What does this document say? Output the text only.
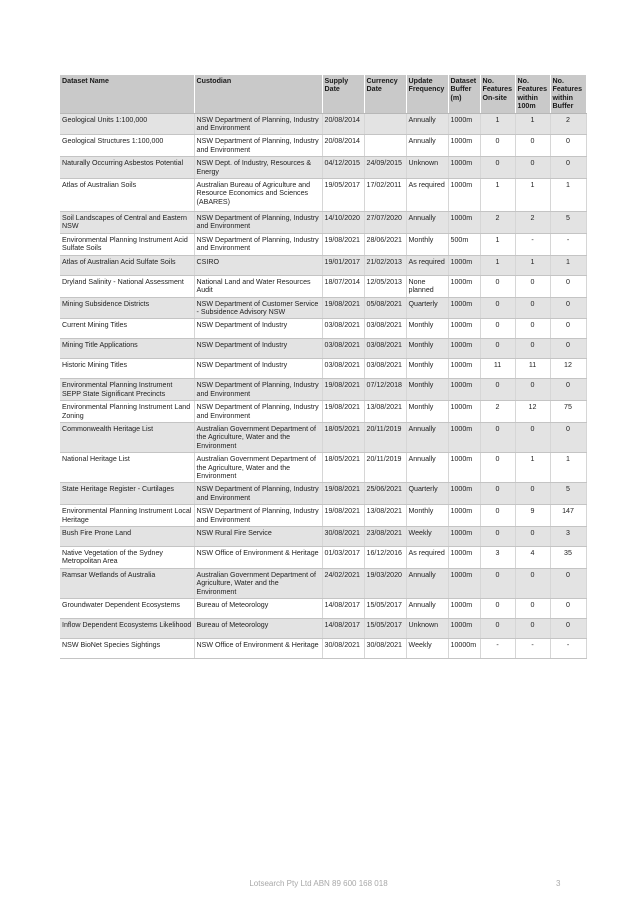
Dataset Name	Custodian	Supply Date	Currency Date	Update Frequency	Dataset Buffer (m)	No. Features On-site	No. Features within 100m	No. Features within Buffer
Geological Units 1:100,000	NSW Department of Planning, Industry and Environment	20/08/2014		Annually	1000m	1	1	2
Geological Structures 1:100,000	NSW Department of Planning, Industry and Environment	20/08/2014		Annually	1000m	0	0	0
Naturally Occurring Asbestos Potential	NSW Dept. of Industry, Resources & Energy	04/12/2015	24/09/2015	Unknown	1000m	0	0	0
Atlas of Australian Soils	Australian Bureau of Agriculture and Resource Economics and Sciences (ABARES)	19/05/2017	17/02/2011	As required	1000m	1	1	1
Soil Landscapes of Central and Eastern NSW	NSW Department of Planning, Industry and Environment	14/10/2020	27/07/2020	Annually	1000m	2	2	5
Environmental Planning Instrument Acid Sulfate Soils	NSW Department of Planning, Industry and Environment	19/08/2021	28/06/2021	Monthly	500m	1	-	-
Atlas of Australian Acid Sulfate Soils	CSIRO	19/01/2017	21/02/2013	As required	1000m	1	1	1
Dryland Salinity - National Assessment	National Land and Water Resources Audit	18/07/2014	12/05/2013	None planned	1000m	0	0	0
Mining Subsidence Districts	NSW Department of Customer Service - Subsidence Advisory NSW	19/08/2021	05/08/2021	Quarterly	1000m	0	0	0
Current Mining Titles	NSW Department of Industry	03/08/2021	03/08/2021	Monthly	1000m	0	0	0
Mining Title Applications	NSW Department of Industry	03/08/2021	03/08/2021	Monthly	1000m	0	0	0
Historic Mining Titles	NSW Department of Industry	03/08/2021	03/08/2021	Monthly	1000m	11	11	12
Environmental Planning Instrument SEPP State Significant Precincts	NSW Department of Planning, Industry and Environment	19/08/2021	07/12/2018	Monthly	1000m	0	0	0
Environmental Planning Instrument Land Zoning	NSW Department of Planning, Industry and Environment	19/08/2021	13/08/2021	Monthly	1000m	2	12	75
Commonwealth Heritage List	Australian Government Department of the Agriculture, Water and the Environment	18/05/2021	20/11/2019	Annually	1000m	0	0	0
National Heritage List	Australian Government Department of the Agriculture, Water and the Environment	18/05/2021	20/11/2019	Annually	1000m	0	1	1
State Heritage Register - Curtilages	NSW Department of Planning, Industry and Environment	19/08/2021	25/06/2021	Quarterly	1000m	0	0	5
Environmental Planning Instrument Local Heritage	NSW Department of Planning, Industry and Environment	19/08/2021	13/08/2021	Monthly	1000m	0	9	147
Bush Fire Prone Land	NSW Rural Fire Service	30/08/2021	23/08/2021	Weekly	1000m	0	0	3
Native Vegetation of the Sydney Metropolitan Area	NSW Office of Environment & Heritage	01/03/2017	16/12/2016	As required	1000m	3	4	35
Ramsar Wetlands of Australia	Australian Government Department of Agriculture, Water and the Environment	24/02/2021	19/03/2020	Annually	1000m	0	0	0
Groundwater Dependent Ecosystems	Bureau of Meteorology	14/08/2017	15/05/2017	Annually	1000m	0	0	0
Inflow Dependent Ecosystems Likelihood	Bureau of Meteorology	14/08/2017	15/05/2017	Unknown	1000m	0	0	0
NSW BioNet Species Sightings	NSW Office of Environment & Heritage	30/08/2021	30/08/2021	Weekly	10000m	-	-	-
Lotsearch Pty Ltd ABN 89 600 168 018	3
